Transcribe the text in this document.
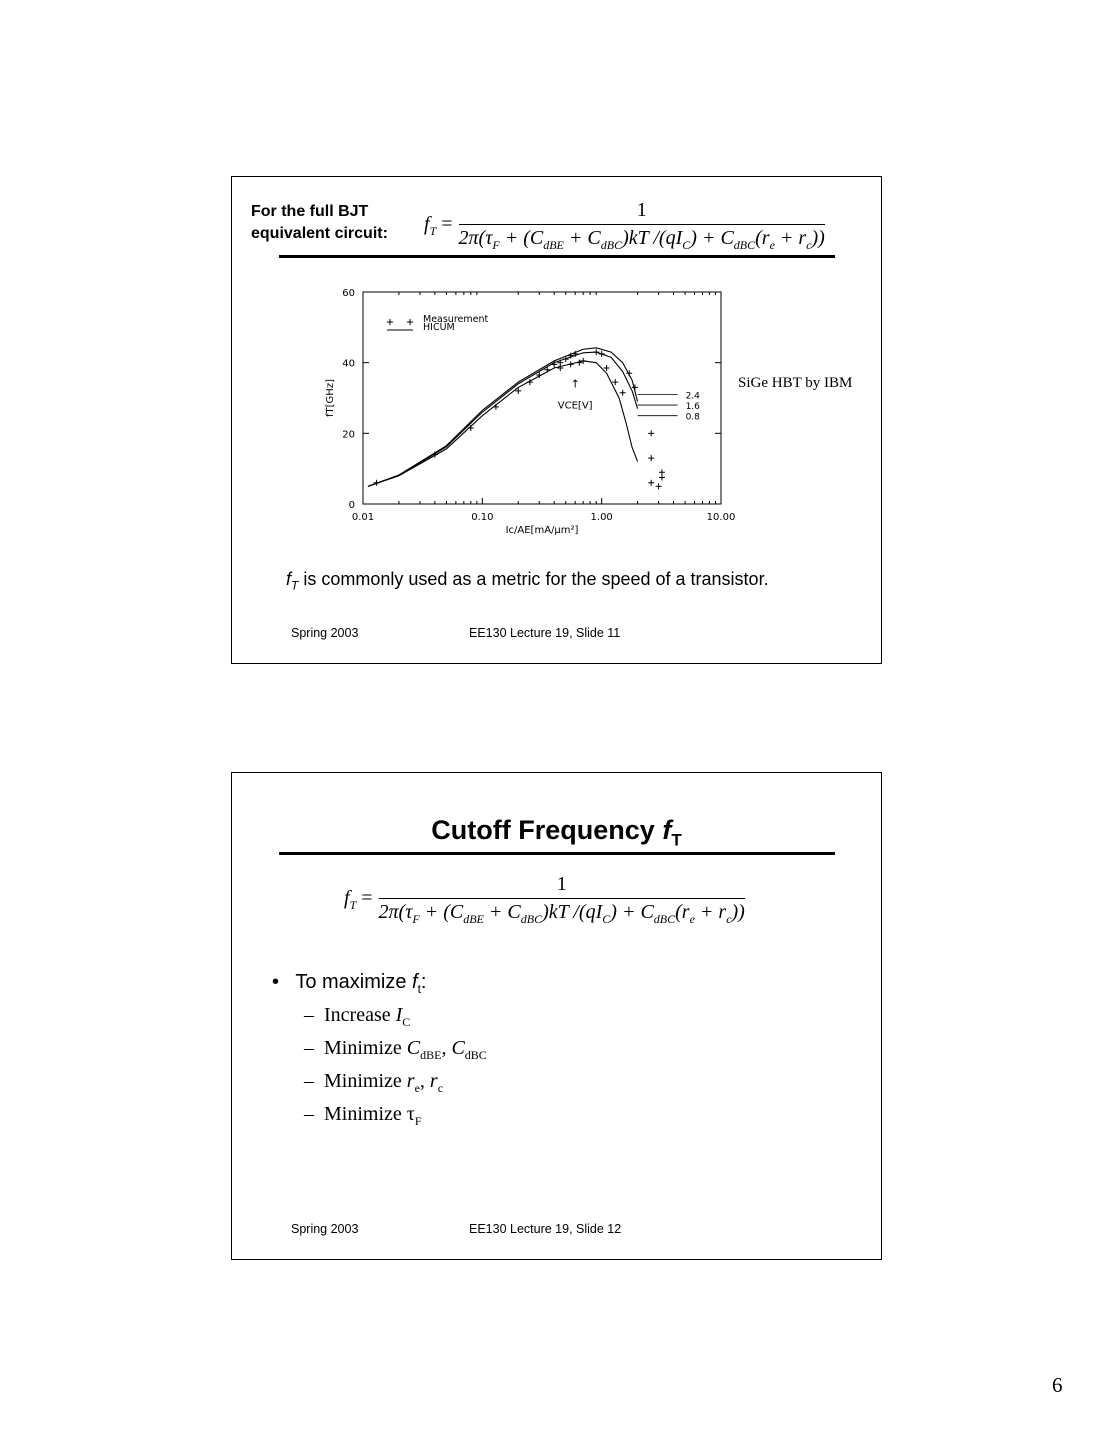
For the full BJT
equivalent circuit: $f_T = \frac{1}{2\pi(\tau_F + (C_{dBE} + C_{dBC})kT /(qI_C) + C_{dBC}(r_e + r_c))}$
0
20
40
60
0.01	0.10	1.00	10.00
Ic/AE[mA/μm²]
fT[GHz]	2.4
1.6
0.8
Measurement
HICUM
↑
VCE[V]
SiGe HBT by IBM
$f_T$ is commonly used as a metric for the speed of a transistor.
Spring 2003	EE130 Lecture 19, Slide 11
Cutoff Frequency $f_T$
$f_T = \frac{1}{2\pi(\tau_F + (C_{dBE} + C_{dBC})kT /(qI_C) + C_{dBC}(r_e + r_c))}$
•   To maximize $f_t$:
–  Increase $I_C$
–  Minimize $C_{dBE}$, $C_{dBC}$
–  Minimize $r_e$, $r_c$
–  Minimize $\tau_F$
Spring 2003	EE130 Lecture 19, Slide 12
6
